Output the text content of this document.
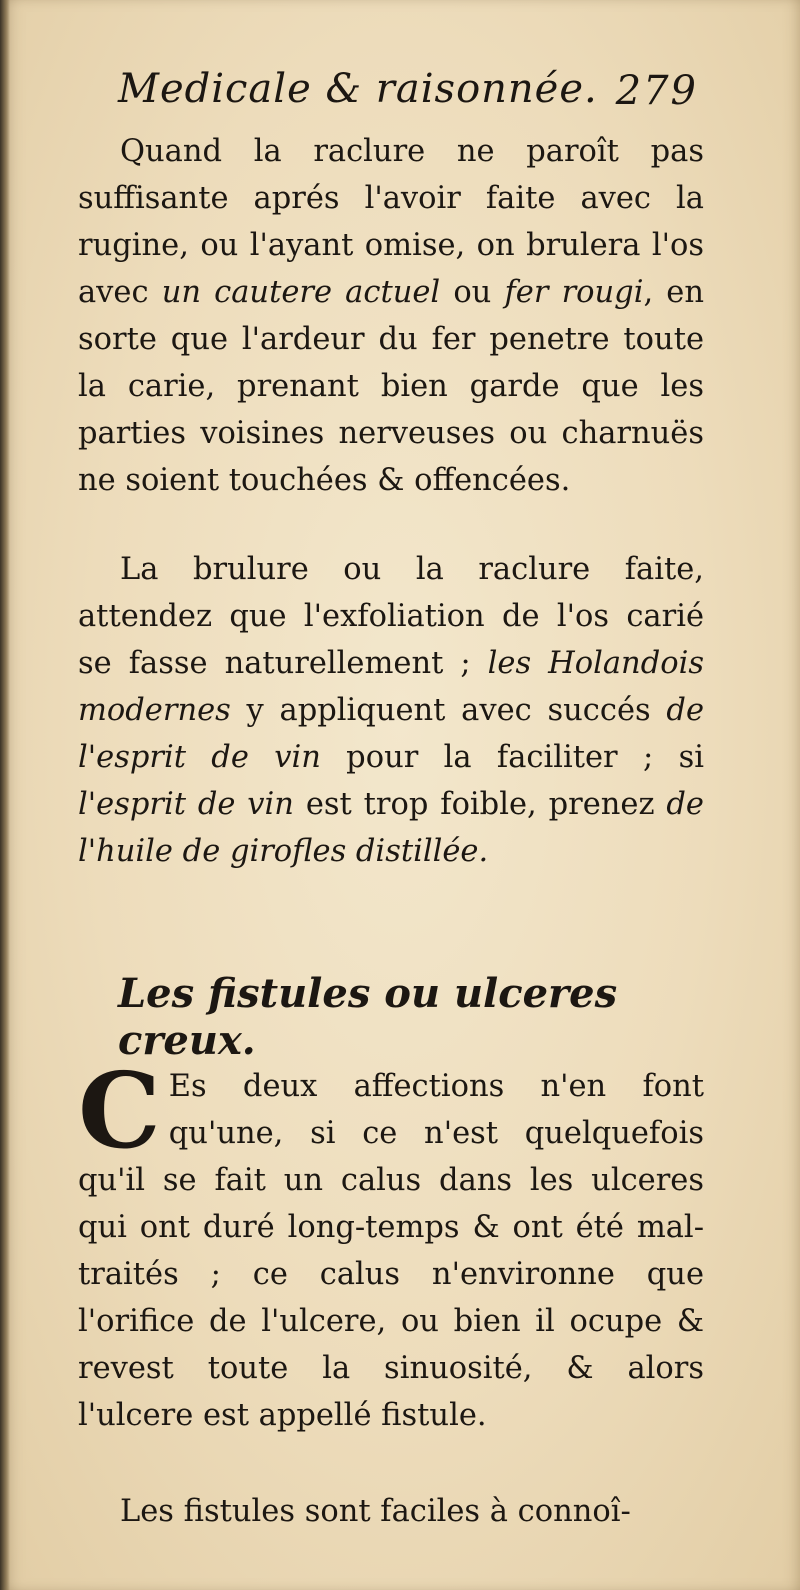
Medicale & raisonnée. 279

Quand la raclure ne paroît pas suffisante aprés l'avoir faite avec la rugine, ou l'ayant omise, on brulera l'os avec un cautere actuel ou fer rougi, en sorte que l'ardeur du fer penetre toute la carie, prenant bien garde que les parties voisines nerveuses ou charnuës ne soient touchées & offencées.

La brulure ou la raclure faite, attendez que l'exfoliation de l'os carié se fasse naturellement ; les Holandois modernes y appliquent avec succés de l'esprit de vin pour la faciliter ; si l'esprit de vin est trop foible, prenez de l'huile de girofles distillée.

Les fistules ou ulceres creux.

C Es deux affections n'en font qu'une, si ce n'est quelquefois qu'il se fait un calus dans les ulceres qui ont duré long-temps & ont été mal-traités ; ce calus n'environne que l'orifice de l'ulcere, ou bien il ocupe & revest toute la sinuosité, & alors l'ulcere est appellé fistule.

Les fistules sont faciles à connoî-
